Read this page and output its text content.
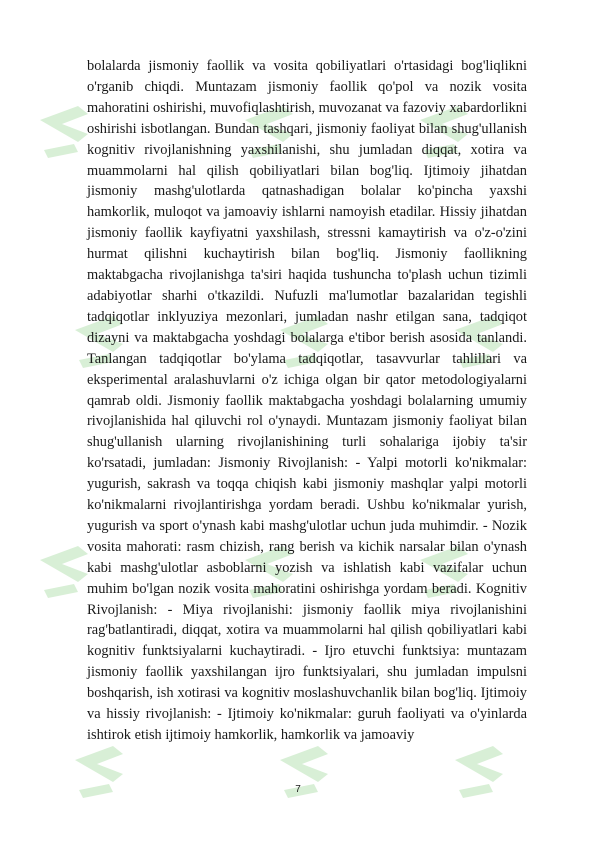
bolalarda jismoniy faollik va vosita qobiliyatlari o'rtasidagi bog'liqlikni o'rganib chiqdi. Muntazam jismoniy faollik qo'pol va nozik vosita mahoratini oshirishi, muvofiqlashtirish, muvozanat va fazoviy xabardorlikni oshirishi isbotlangan. Bundan tashqari, jismoniy faoliyat bilan shug'ullanish kognitiv rivojlanishning yaxshilanishi, shu jumladan diqqat, xotira va muammolarni hal qilish qobiliyatlari bilan bog'liq. Ijtimoiy jihatdan jismoniy mashg'ulotlarda qatnashadigan bolalar ko'pincha yaxshi hamkorlik, muloqot va jamoaviy ishlarni namoyish etadilar. Hissiy jihatdan jismoniy faollik kayfiyatni yaxshilash, stressni kamaytirish va o'z-o'zini hurmat qilishni kuchaytirish bilan bog'liq. Jismoniy faollikning maktabgacha rivojlanishga ta'siri haqida tushuncha to'plash uchun tizimli adabiyotlar sharhi o'tkazildi. Nufuzli ma'lumotlar bazalaridan tegishli tadqiqotlar inklyuziya mezonlari, jumladan nashr etilgan sana, tadqiqot dizayni va maktabgacha yoshdagi bolalarga e'tibor berish asosida tanlandi. Tanlangan tadqiqotlar bo'ylama tadqiqotlar, tasavvurlar tahlillari va eksperimental aralashuvlarni o'z ichiga olgan bir qator metodologiyalarni qamrab oldi. Jismoniy faollik maktabgacha yoshdagi bolalarning umumiy rivojlanishida hal qiluvchi rol o'ynaydi. Muntazam jismoniy faoliyat bilan shug'ullanish ularning rivojlanishining turli sohalariga ijobiy ta'sir ko'rsatadi, jumladan: Jismoniy Rivojlanish: - Yalpi motorli ko'nikmalar: yugurish, sakrash va toqqa chiqish kabi jismoniy mashqlar yalpi motorli ko'nikmalarni rivojlantirishga yordam beradi. Ushbu ko'nikmalar yurish, yugurish va sport o'ynash kabi mashg'ulotlar uchun juda muhimdir. - Nozik vosita mahorati: rasm chizish, rang berish va kichik narsalar bilan o'ynash kabi mashg'ulotlar asboblarni yozish va ishlatish kabi vazifalar uchun muhim bo'lgan nozik vosita mahoratini oshirishga yordam beradi. Kognitiv Rivojlanish: - Miya rivojlanishi: jismoniy faollik miya rivojlanishini rag'batlantiradi, diqqat, xotira va muammolarni hal qilish qobiliyatlari kabi kognitiv funktsiyalarni kuchaytiradi. - Ijro etuvchi funktsiya: muntazam jismoniy faollik yaxshilangan ijro funktsiyalari, shu jumladan impulsni boshqarish, ish xotirasi va kognitiv moslashuvchanlik bilan bog'liq. Ijtimoiy va hissiy rivojlanish: - Ijtimoiy ko'nikmalar: guruh faoliyati va o'yinlarda ishtirok etish ijtimoiy hamkorlik, hamkorlik va jamoaviy

7
